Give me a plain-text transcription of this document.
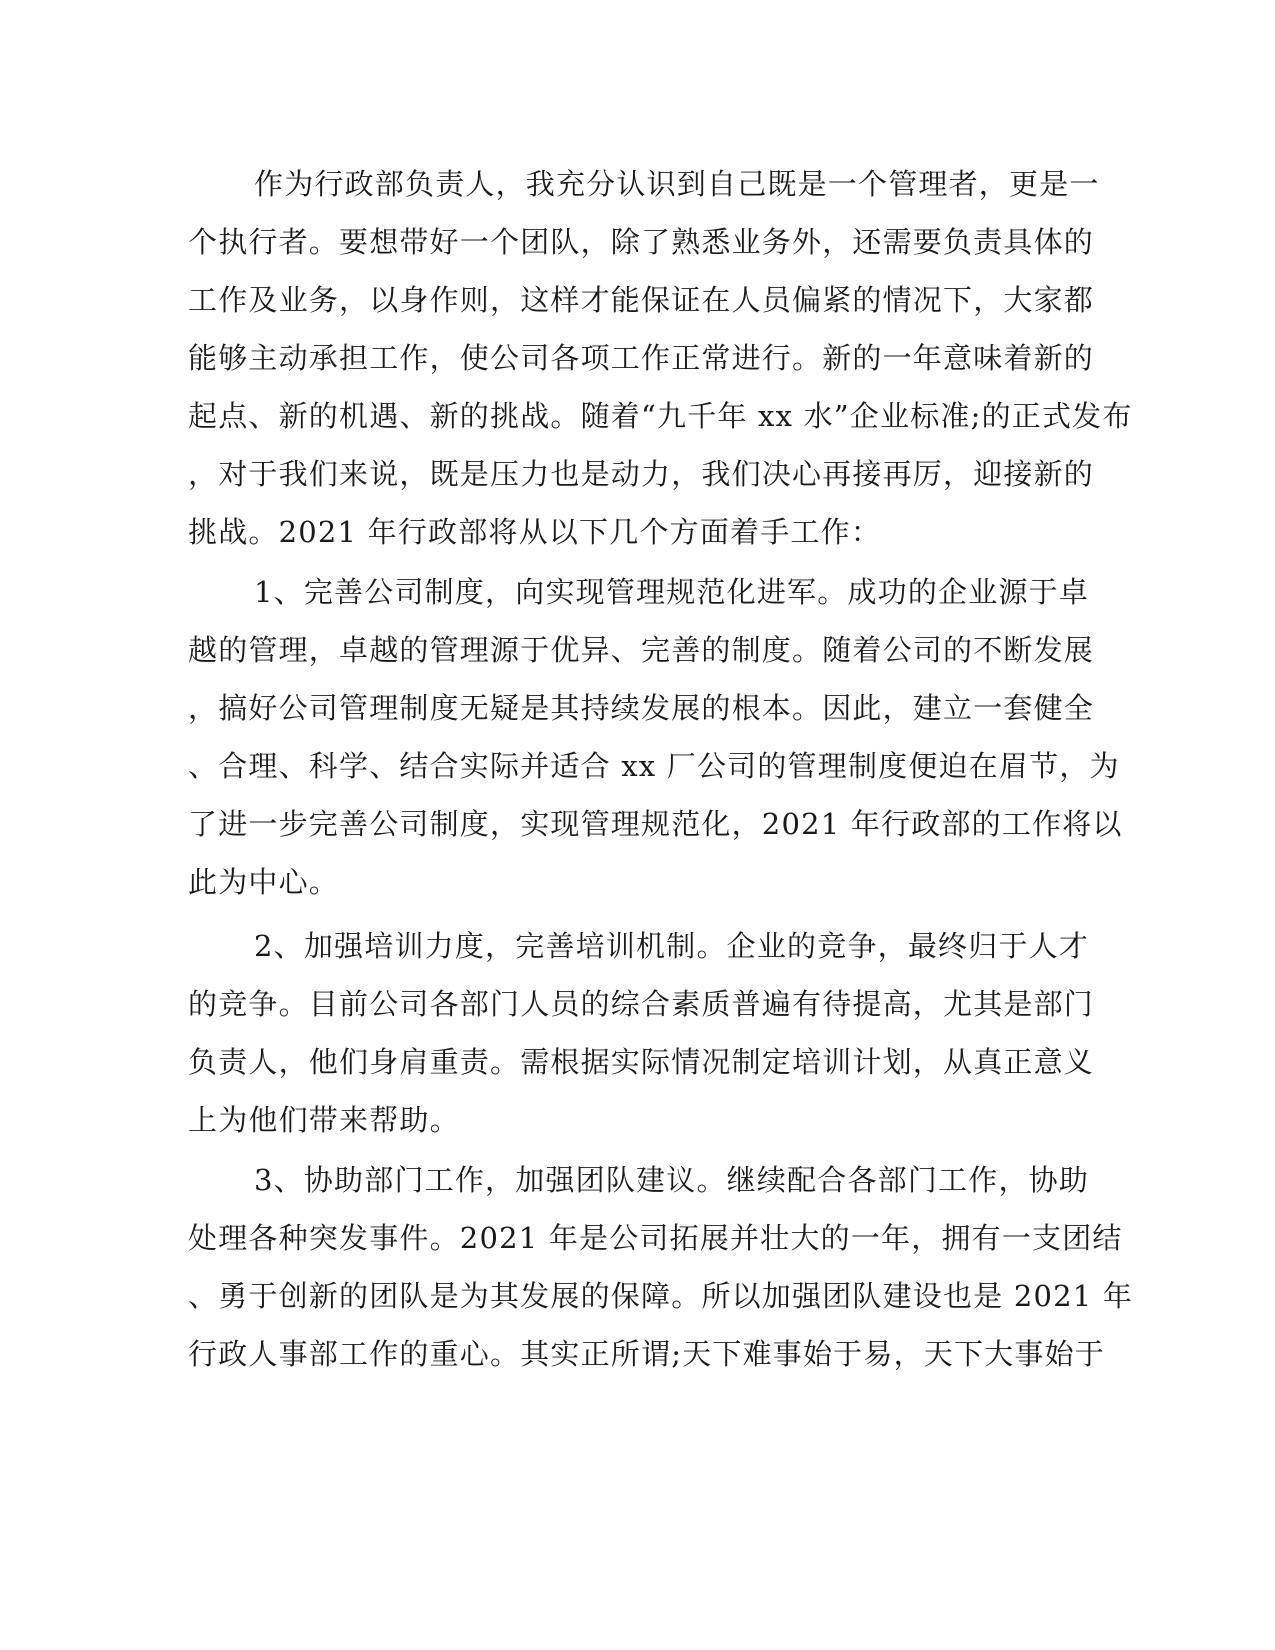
作为行政部负责人，我充分认识到自己既是一个管理者，更是一
个执行者。要想带好一个团队，除了熟悉业务外，还需要负责具体的
工作及业务，以身作则，这样才能保证在人员偏紧的情况下，大家都
能够主动承担工作，使公司各项工作正常进行。新的一年意味着新的
起点、新的机遇、新的挑战。随着“九千年 xx 水”企业标准;的正式发布
，对于我们来说，既是压力也是动力，我们决心再接再厉，迎接新的
挑战。2021 年行政部将从以下几个方面着手工作：
1、完善公司制度，向实现管理规范化进军。成功的企业源于卓
越的管理，卓越的管理源于优异、完善的制度。随着公司的不断发展
，搞好公司管理制度无疑是其持续发展的根本。因此，建立一套健全
、合理、科学、结合实际并适合 xx 厂公司的管理制度便迫在眉节，为
了进一步完善公司制度，实现管理规范化，2021 年行政部的工作将以
此为中心。
2、加强培训力度，完善培训机制。企业的竞争，最终归于人才
的竞争。目前公司各部门人员的综合素质普遍有待提高，尤其是部门
负责人，他们身肩重责。需根据实际情况制定培训计划，从真正意义
上为他们带来帮助。
3、协助部门工作，加强团队建议。继续配合各部门工作，协助
处理各种突发事件。2021 年是公司拓展并壮大的一年，拥有一支团结
、勇于创新的团队是为其发展的保障。所以加强团队建设也是 2021 年
行政人事部工作的重心。其实正所谓;天下难事始于易，天下大事始于
